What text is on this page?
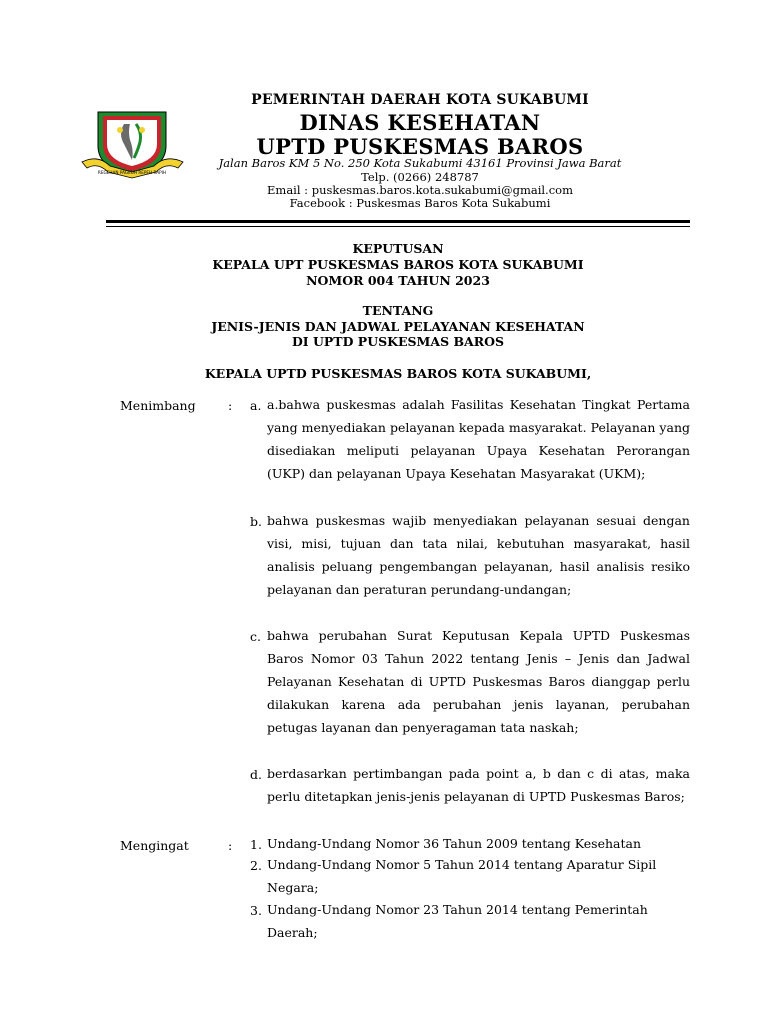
REGEHAN PAGEUH REPEH RAPIH
PEMERINTAH DAERAH KOTA SUKABUMI
DINAS KESEHATAN
UPTD PUSKESMAS BAROS
Jalan Baros KM 5 No. 250 Kota Sukabumi 43161 Provinsi Jawa Barat
Telp. (0266) 248787
Email : puskesmas.baros.kota.sukabumi@gmail.com
Facebook : Puskesmas Baros Kota Sukabumi
KEPUTUSAN
KEPALA UPT PUSKESMAS BAROS KOTA SUKABUMI
NOMOR 004 TAHUN 2023
TENTANG
JENIS-JENIS DAN JADWAL PELAYANAN KESEHATAN
DI UPTD PUSKESMAS BAROS
KEPALA UPTD PUSKESMAS BAROS KOTA SUKABUMI,
Menimbang	: a. a.bahwa puskesmas adalah Fasilitas Kesehatan Tingkat Pertama yang menyediakan pelayanan kepada masyarakat. Pelayanan yang disediakan meliputi pelayanan Upaya Kesehatan Perorangan (UKP) dan pelayanan Upaya Kesehatan Masyarakat (UKM);
b. bahwa puskesmas wajib menyediakan pelayanan sesuai dengan visi, misi, tujuan dan tata nilai, kebutuhan masyarakat, hasil analisis peluang pengembangan pelayanan, hasil analisis resiko pelayanan dan peraturan perundang-undangan;
c. bahwa perubahan Surat Keputusan Kepala UPTD Puskesmas Baros Nomor 03 Tahun 2022 tentang Jenis – Jenis dan Jadwal Pelayanan Kesehatan di UPTD Puskesmas Baros dianggap perlu dilakukan karena ada perubahan jenis layanan, perubahan petugas layanan dan penyeragaman tata naskah;
d. berdasarkan pertimbangan pada point a, b dan c di atas, maka perlu ditetapkan jenis-jenis pelayanan di UPTD Puskesmas Baros;
Mengingat	: 1. Undang-Undang Nomor 36 Tahun 2009 tentang Kesehatan
2. Undang-Undang Nomor 5 Tahun 2014 tentang Aparatur Sipil Negara;
3. Undang-Undang Nomor 23 Tahun 2014 tentang Pemerintah Daerah;
